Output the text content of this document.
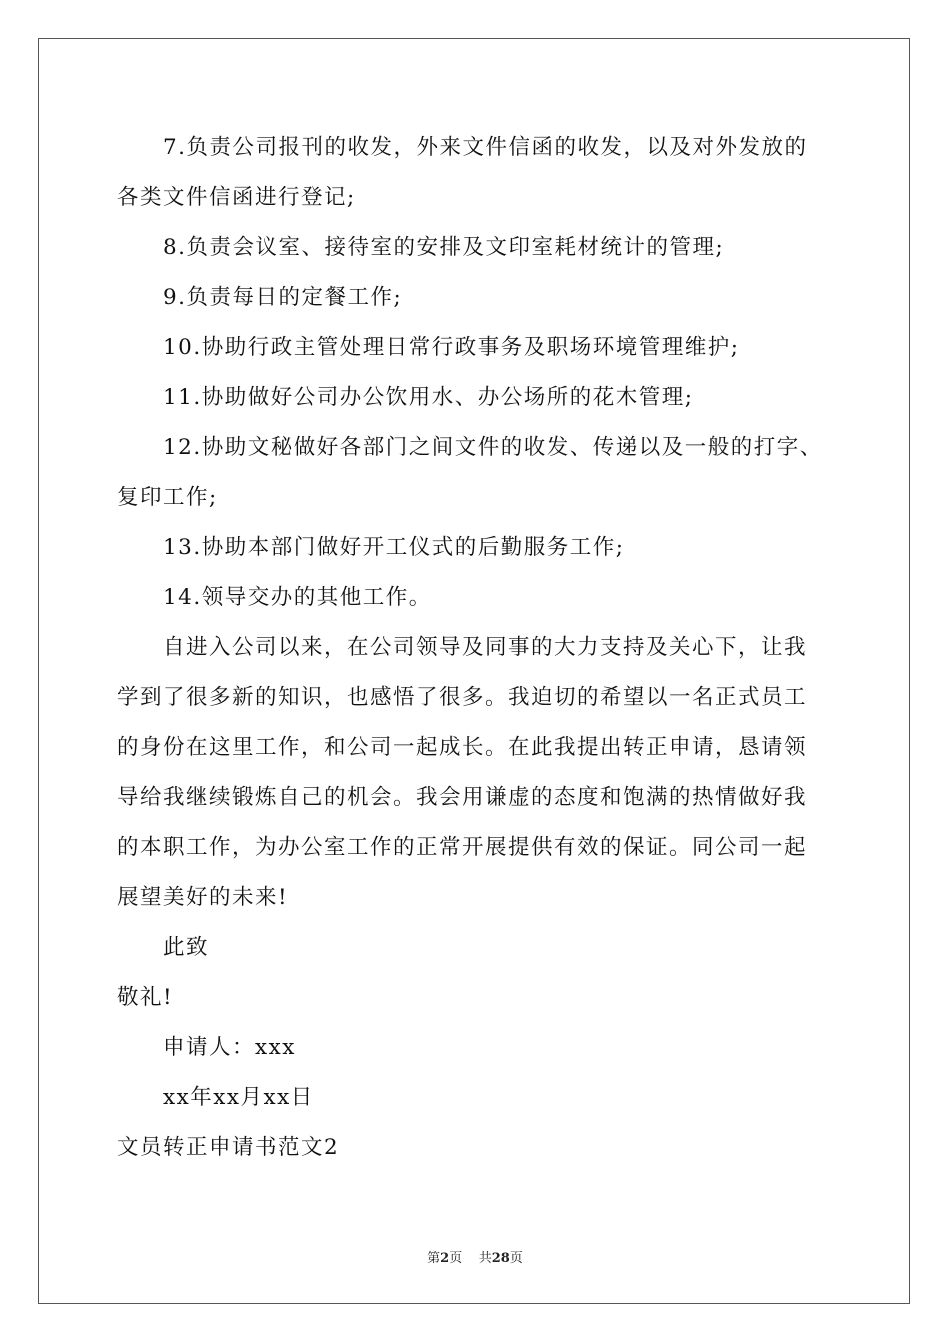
7.负责公司报刊的收发，外来文件信函的收发，以及对外发放的
各类文件信函进行登记;
8.负责会议室、接待室的安排及文印室耗材统计的管理;
9.负责每日的定餐工作;
10.协助行政主管处理日常行政事务及职场环境管理维护;
11.协助做好公司办公饮用水、办公场所的花木管理;
12.协助文秘做好各部门之间文件的收发、传递以及一般的打字、
复印工作;
13.协助本部门做好开工仪式的后勤服务工作;
14.领导交办的其他工作。
自进入公司以来，在公司领导及同事的大力支持及关心下，让我
学到了很多新的知识，也感悟了很多。我迫切的希望以一名正式员工
的身份在这里工作，和公司一起成长。在此我提出转正申请，恳请领
导给我继续锻炼自己的机会。我会用谦虚的态度和饱满的热情做好我
的本职工作，为办公室工作的正常开展提供有效的保证。同公司一起
展望美好的未来!
此致
敬礼!
申请人：xxx
xx年xx月xx日
文员转正申请书范文2
第2页 共28页
